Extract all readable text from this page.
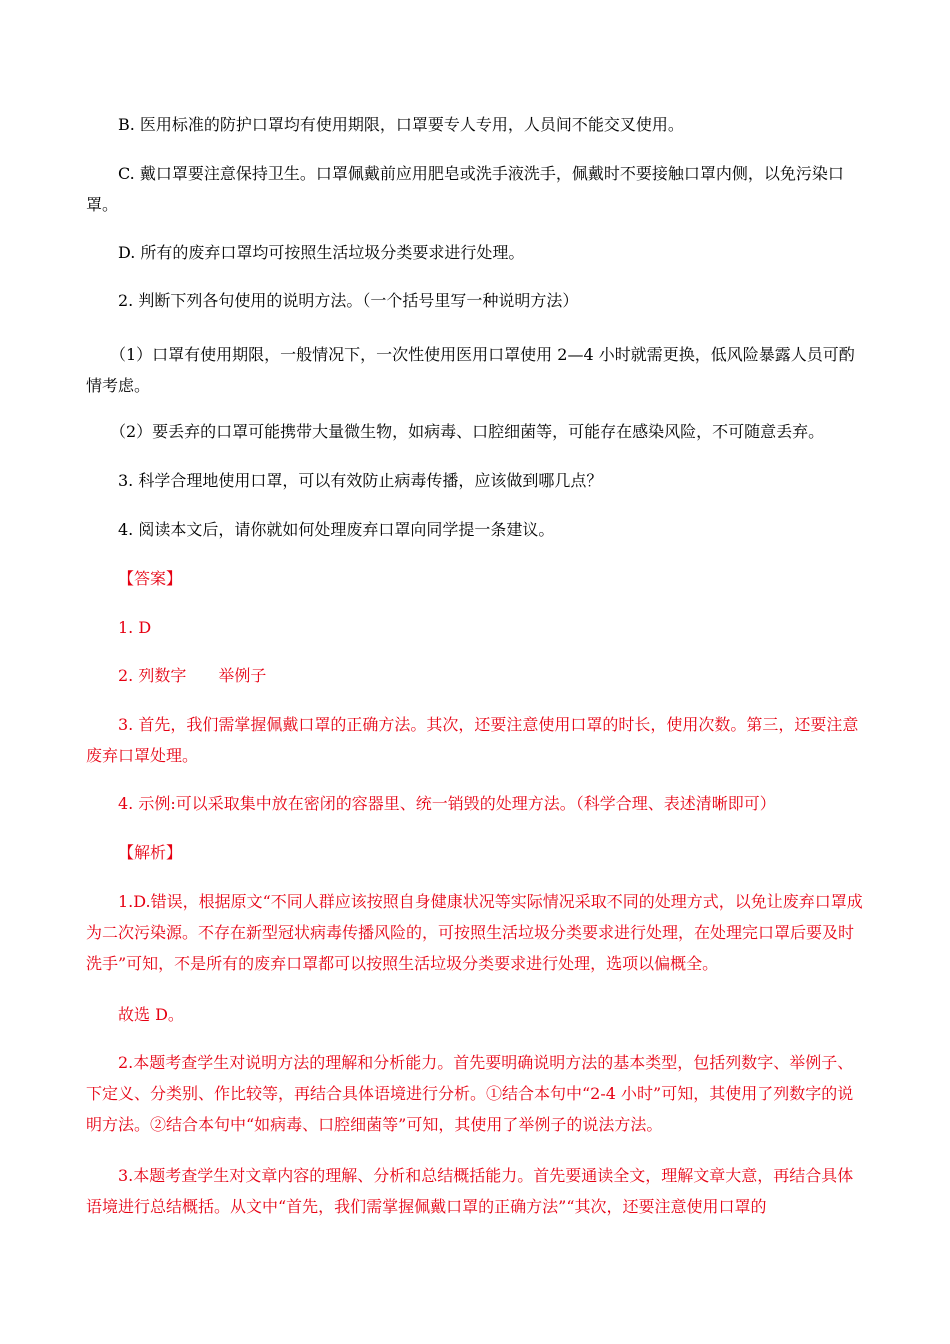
B. 医用标准的防护口罩均有使用期限，口罩要专人专用，人员间不能交叉使用。
C. 戴口罩要注意保持卫生。口罩佩戴前应用肥皂或洗手液洗手，佩戴时不要接触口罩内侧，以免污染口罩。
D. 所有的废弃口罩均可按照生活垃圾分类要求进行处理。
2. 判断下列各句使用的说明方法。（一个括号里写一种说明方法）
（1）口罩有使用期限，一般情况下，一次性使用医用口罩使用 2—4 小时就需更换，低风险暴露人员可酌情考虑。
（2）要丢弃的口罩可能携带大量微生物，如病毒、口腔细菌等，可能存在感染风险，不可随意丢弃。
3. 科学合理地使用口罩，可以有效防止病毒传播，应该做到哪几点？
4. 阅读本文后，请你就如何处理废弃口罩向同学提一条建议。
【答案】
1. D
2. 列数字　　举例子
3. 首先，我们需掌握佩戴口罩的正确方法。其次，还要注意使用口罩的时长，使用次数。第三，还要注意废弃口罩处理。
4. 示例:可以采取集中放在密闭的容器里、统一销毁的处理方法。（科学合理、表述清晰即可）
【解析】
1.D.错误，根据原文“不同人群应该按照自身健康状况等实际情况采取不同的处理方式，以免让废弃口罩成为二次污染源。不存在新型冠状病毒传播风险的，可按照生活垃圾分类要求进行处理，在处理完口罩后要及时洗手”可知，不是所有的废弃口罩都可以按照生活垃圾分类要求进行处理，选项以偏概全。
故选 D。
2.本题考查学生对说明方法的理解和分析能力。首先要明确说明方法的基本类型，包括列数字、举例子、下定义、分类别、作比较等，再结合具体语境进行分析。①结合本句中“2-4 小时”可知，其使用了列数字的说明方法。②结合本句中“如病毒、口腔细菌等”可知，其使用了举例子的说法方法。
3.本题考查学生对文章内容的理解、分析和总结概括能力。首先要通读全文，理解文章大意，再结合具体语境进行总结概括。从文中“首先，我们需掌握佩戴口罩的正确方法”“其次，还要注意使用口罩的
